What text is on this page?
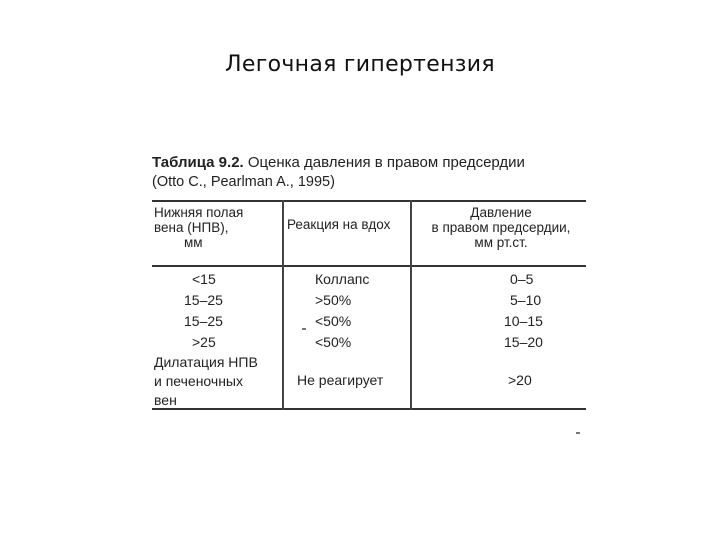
Легочная гипертензия
Таблица 9.2. Оценка давления в правом предсердии
(Otto C., Pearlman A., 1995)
Нижняя полая
вена (НПВ),
мм
Реакция на вдох
Давление
в правом предсердии,
мм рт.ст.
<15
15–25
15–25
>25
Дилатация НПВ
и печеночных
вен
Коллапс
>50%
<50%
<50%
Не реагирует
0–5
5–10
10–15
15–20
>20
